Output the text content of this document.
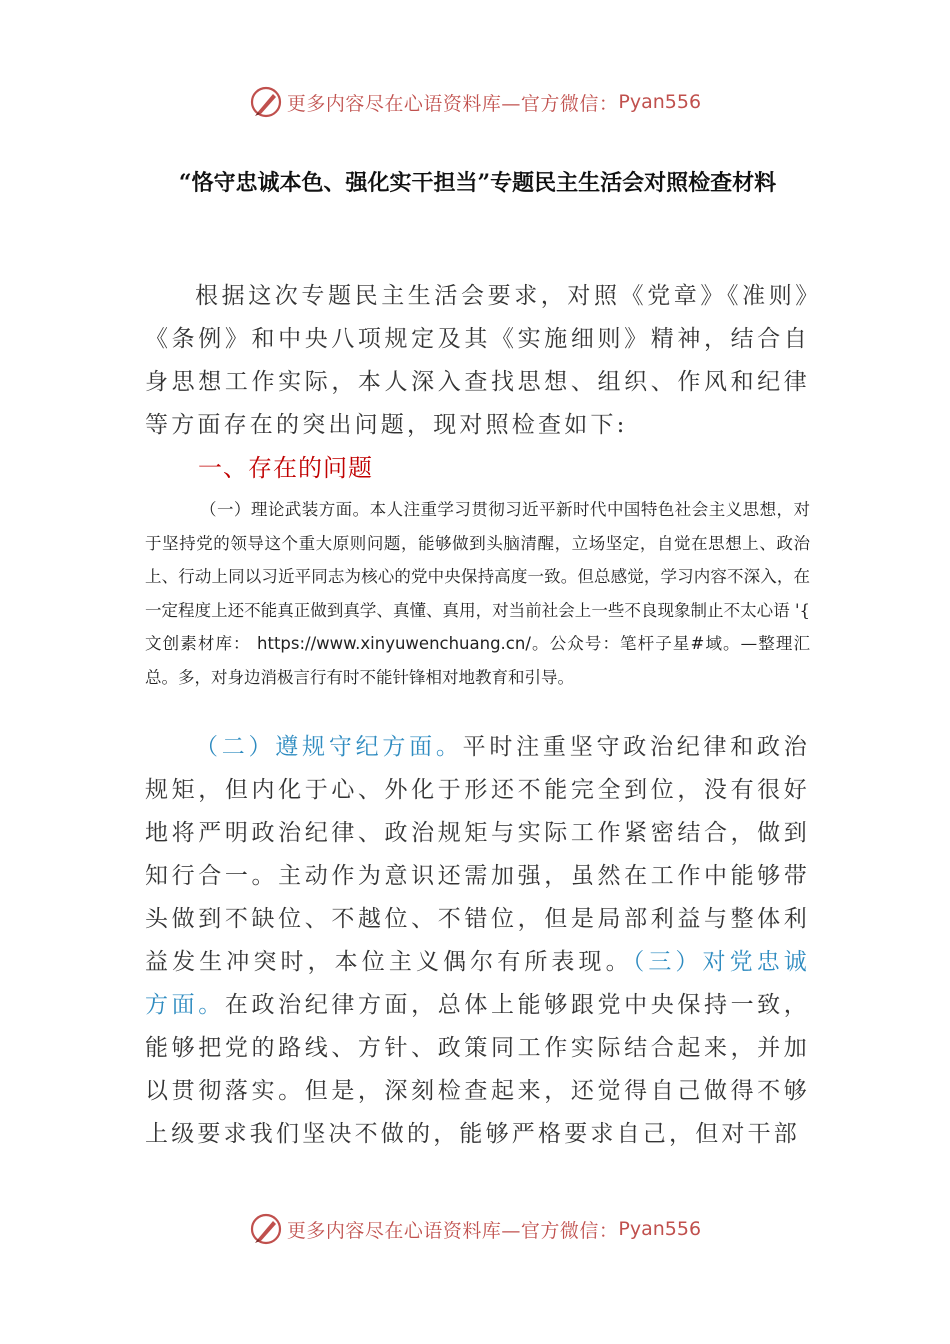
更多内容尽在心语资料库—官方微信： Pyan556
“恪守忠诚本色、强化实干担当”专题民主生活会对照检查材料
根据这次专题民主生活会要求，对照《党章》《准则》《条例》和中央八项规定及其《实施细则》精神，结合自身思想工作实际，本人深入查找思想、组织、作风和纪律等方面存在的突出问题，现对照检查如下:
一、存在的问题
（一）理论武装方面。本人注重学习贯彻习近平新时代中国特色社会主义思想，对于坚持党的领导这个重大原则问题，能够做到头脑清醒，立场坚定，自觉在思想上、政治上、行动上同以习近平同志为核心的党中央保持高度一致。但总感觉，学习内容不深入，在一定程度上还不能真正做到真学、真懂、真用，对当前社会上一些不良现象制止不太心语 '{ 文创素材库： https://www.xinyuwenchuang.cn/。公众号：笔杆子星#域。—整理汇总。多，对身边消极言行有时不能针锋相对地教育和引导。
（二）遵规守纪方面。平时注重坚守政治纪律和政治规矩，但内化于心、外化于形还不能完全到位，没有很好地将严明政治纪律、政治规矩与实际工作紧密结合，做到知行合一。主动作为意识还需加强，虽然在工作中能够带头做到不缺位、不越位、不错位，但是局部利益与整体利益发生冲突时，本位主义偶尔有所表现。（三）对党忠诚方面。在政治纪律方面，总体上能够跟党中央保持一致，能够把党的路线、方针、政策同工作实际结合起来，并加以贯彻落实。但是，深刻检查起来，还觉得自己做得不够上级要求我们坚决不做的，能够严格要求自己，但对干部
更多内容尽在心语资料库—官方微信： Pyan556
